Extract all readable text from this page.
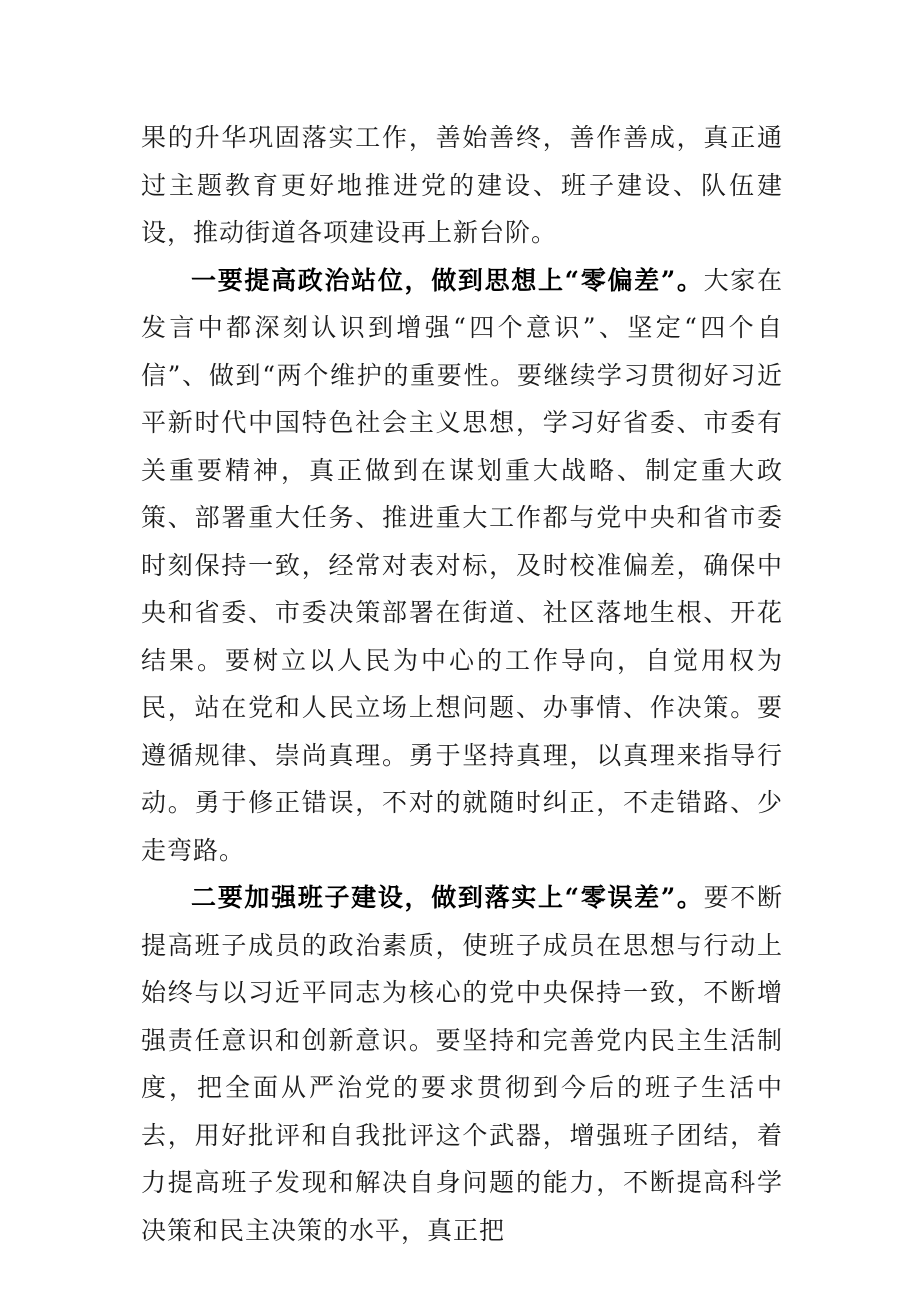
果的升华巩固落实工作，善始善终，善作善成，真正通过主题教育更好地推进党的建设、班子建设、队伍建设，推动街道各项建设再上新台阶。

一要提高政治站位，做到思想上“零偏差”。大家在发言中都深刻认识到增强“四个意识”、坚定“四个自信”、做到“两个维护的重要性。要继续学习贯彻好习近平新时代中国特色社会主义思想，学习好省委、市委有关重要精神，真正做到在谋划重大战略、制定重大政策、部署重大任务、推进重大工作都与党中央和省市委时刻保持一致，经常对表对标，及时校准偏差，确保中央和省委、市委决策部署在街道、社区落地生根、开花结果。要树立以人民为中心的工作导向，自觉用权为民，站在党和人民立场上想问题、办事情、作决策。要遵循规律、崇尚真理。勇于坚持真理，以真理来指导行动。勇于修正错误，不对的就随时纠正，不走错路、少走弯路。

二要加强班子建设，做到落实上“零误差”。要不断提高班子成员的政治素质，使班子成员在思想与行动上始终与以习近平同志为核心的党中央保持一致，不断增强责任意识和创新意识。要坚持和完善党内民主生活制度，把全面从严治党的要求贯彻到今后的班子生活中去，用好批评和自我批评这个武器，增强班子团结，着力提高班子发现和解决自身问题的能力，不断提高科学决策和民主决策的水平，真正把
